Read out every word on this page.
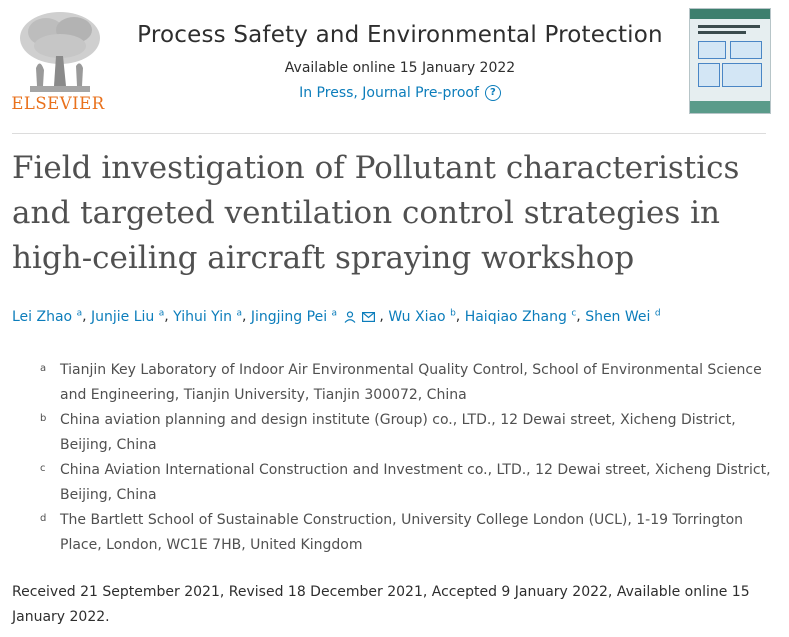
ELSEVIER
Process Safety and Environmental Protection
Available online 15 January 2022
In Press, Journal Pre-proof ?
Field investigation of Pollutant characteristics and targeted ventilation control strategies in high-ceiling aircraft spraying workshop
Lei Zhao $^a$, Junjie Liu $^a$, Yihui Yin $^a$, Jingjing Pei $^a$	, Wu Xiao $^b$, Haiqiao Zhang $^c$, Shen Wei $^d$
a Tianjin Key Laboratory of Indoor Air Environmental Quality Control, School of Environmental Science and Engineering, Tianjin University, Tianjin 300072, China
b China aviation planning and design institute (Group) co., LTD., 12 Dewai street, Xicheng District, Beijing, China
c China Aviation International Construction and Investment co., LTD., 12 Dewai street, Xicheng District, Beijing, China
d The Bartlett School of Sustainable Construction, University College London (UCL), 1-19 Torrington Place, London, WC1E 7HB, United Kingdom
Received 21 September 2021, Revised 18 December 2021, Accepted 9 January 2022, Available online 15 January 2022.
